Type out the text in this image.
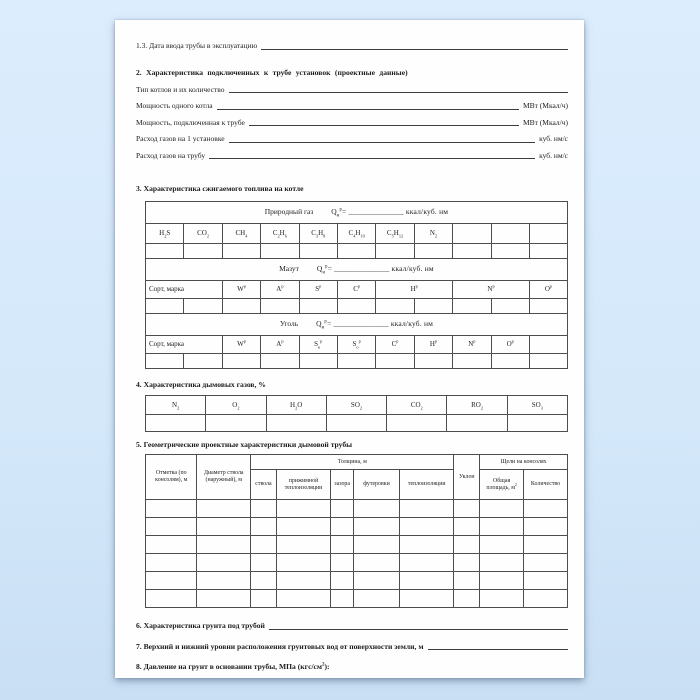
1.3. Дата ввода трубы в эксплуатацию
2. Характеристика подключенных к трубе установок (проектные данные)
Тип котлов и их количество
Мощность одного котла	МВт (Мкал/ч)
Мощность, подключенная к трубе	МВт (Мкал/ч)
Расход газов на 1 установке	куб. нм/с
Расход газов на трубу	куб. нм/с
3. Характеристика сжигаемого топлива на котле
Природный газ $Q_н^р=$ ______________ ккал/куб. нм										
$H_2S$	$CO_2$	$CH_4$	$C_2H_6$	$C_3H_8$	$C_4H_{10}$	$C_5H_{12}$	$N_2$			

Мазут $Q_н^р=$ ______________ ккал/куб. нм										
Сорт, марка		$W^р$	$A^р$	$S^р$	$C^р$	$H^р$		$N^р$		$O^р$

Уголь $Q_н^р=$ ______________ ккал/куб. нм										
Сорт, марка		$W^р$	$A^р$	$S_к^р$	$S_о^р$	$C^р$	$H^р$	$N^р$	$O^р$	

4. Характеристика дымовых газов, %
$N_2$	$O_2$	$H_2O$	$SO_2$	$CO_2$	$RO_2$	$SO_3$

5. Геометрические проектные характеристики дымовой трубы
Отметка (по консолям), м	Диаметр ствола (наружный), м	Толщина, м					Уклон	Щели на консолях	
		ствола	прижимной теплоизоляции	зазора	футеровки	теплоизоляции		Общая площадь, $м^2$	Количество

6. Характеристика грунта под трубой
7. Верхний и нижний уровни расположения грунтовых вод от поверхности земли, м
8. Давление на грунт в основании трубы, МПа $(кгс/см^2)$:
